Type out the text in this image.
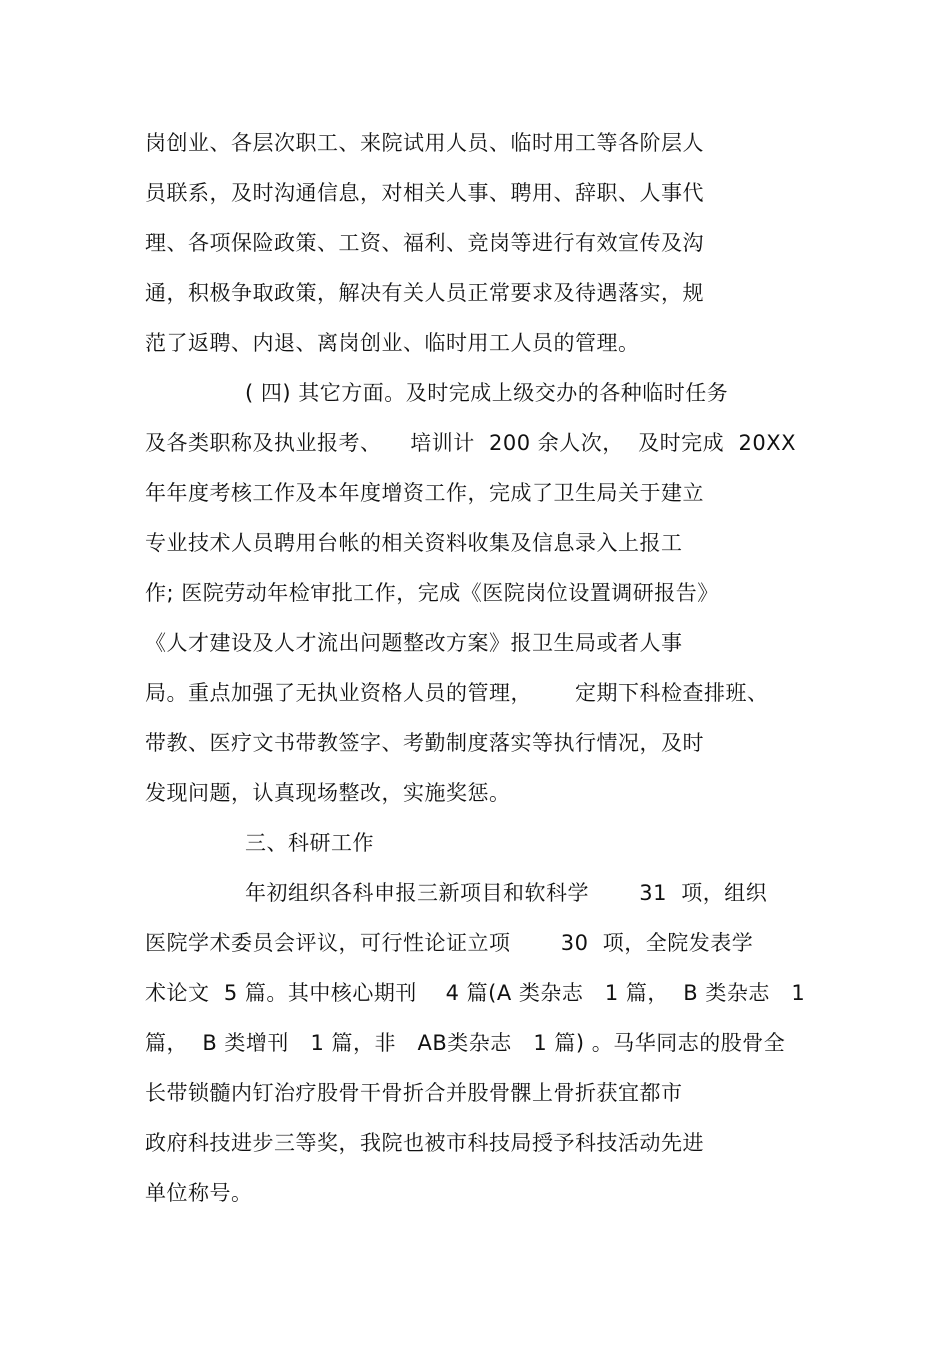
岗创业、各层次职工、来院试用人员、临时用工等各阶层人
员联系，及时沟通信息，对相关人事、聘用、辞职、人事代
理、各项保险政策、工资、福利、竞岗等进行有效宣传及沟
通，积极争取政策，解决有关人员正常要求及待遇落实，规
范了返聘、内退、离岗创业、临时用工人员的管理。
( 四) 其它方面。及时完成上级交办的各种临时任务
及各类职称及执业报考、    培训计  200 余人次，  及时完成  20XX
年年度考核工作及本年度增资工作，完成了卫生局关于建立
专业技术人员聘用台帐的相关资料收集及信息录入上报工
作; 医院劳动年检审批工作，完成《医院岗位设置调研报告》
《人才建设及人才流出问题整改方案》报卫生局或者人事
局。重点加强了无执业资格人员的管理，      定期下科检查排班、
带教、医疗文书带教签字、考勤制度落实等执行情况，及时
发现问题，认真现场整改，实施奖惩。
三、科研工作
年初组织各科申报三新项目和软科学       31  项，组织
医院学术委员会评议，可行性论证立项       30  项，全院发表学
术论文  5 篇。其中核心期刊    4 篇(A 类杂志   1 篇，  B 类杂志   1
篇，  B 类增刊   1 篇，非   AB类杂志   1 篇) 。马华同志的股骨全
长带锁髓内钉治疗股骨干骨折合并股骨髁上骨折获宜都市
政府科技进步三等奖，我院也被市科技局授予科技活动先进
单位称号。
